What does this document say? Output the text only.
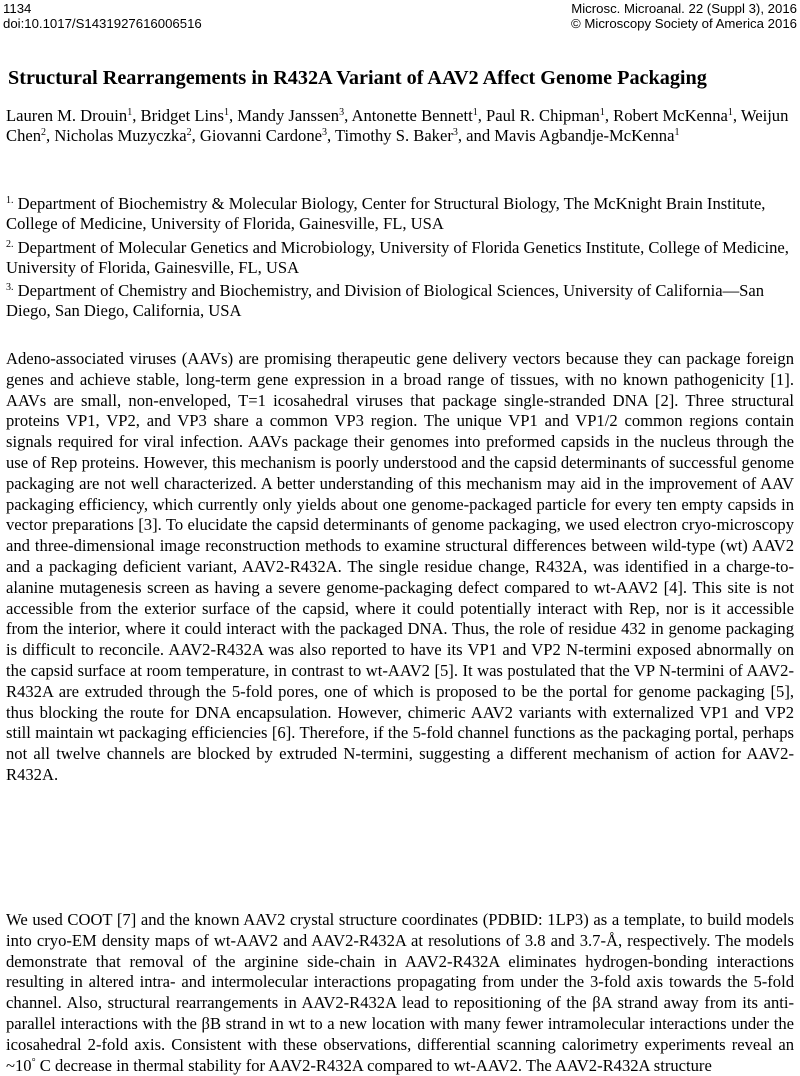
1134
doi:10.1017/S1431927616006516
Microsc. Microanal. 22 (Suppl 3), 2016
© Microscopy Society of America 2016
Structural Rearrangements in R432A Variant of AAV2 Affect Genome Packaging

Lauren M. Drouin$^1$, Bridget Lins$^1$, Mandy Janssen$^3$, Antonette Bennett$^1$, Paul R. Chipman$^1$, Robert McKenna$^1$, Weijun Chen$^2$, Nicholas Muzyczka$^2$, Giovanni Cardone$^3$, Timothy S. Baker$^3$, and Mavis Agbandje-McKenna$^1$

$^{1.}$ Department of Biochemistry & Molecular Biology, Center for Structural Biology, The McKnight Brain Institute, College of Medicine, University of Florida, Gainesville, FL, USA

$^{2.}$ Department of Molecular Genetics and Microbiology, University of Florida Genetics Institute, College of Medicine, University of Florida, Gainesville, FL, USA

$^{3.}$ Department of Chemistry and Biochemistry, and Division of Biological Sciences, University of California—San Diego, San Diego, California, USA

Adeno-associated viruses (AAVs) are promising therapeutic gene delivery vectors because they can package foreign genes and achieve stable, long-term gene expression in a broad range of tissues, with no known pathogenicity [1]. AAVs are small, non-enveloped, T=1 icosahedral viruses that package single-stranded DNA [2]. Three structural proteins VP1, VP2, and VP3 share a common VP3 region. The unique VP1 and VP1/2 common regions contain signals required for viral infection. AAVs package their genomes into preformed capsids in the nucleus through the use of Rep proteins. However, this mechanism is poorly understood and the capsid determinants of successful genome packaging are not well characterized. A better understanding of this mechanism may aid in the improvement of AAV packaging efficiency, which currently only yields about one genome-packaged particle for every ten empty capsids in vector preparations [3]. To elucidate the capsid determinants of genome packaging, we used electron cryo-microscopy and three-dimensional image reconstruction methods to examine structural differences between wild-type (wt) AAV2 and a packaging deficient variant, AAV2-R432A. The single residue change, R432A, was identified in a charge-to-alanine mutagenesis screen as having a severe genome-packaging defect compared to wt-AAV2 [4]. This site is not accessible from the exterior surface of the capsid, where it could potentially interact with Rep, nor is it accessible from the interior, where it could interact with the packaged DNA. Thus, the role of residue 432 in genome packaging is difficult to reconcile. AAV2-R432A was also reported to have its VP1 and VP2 N-termini exposed abnormally on the capsid surface at room temperature, in contrast to wt-AAV2 [5]. It was postulated that the VP N-termini of AAV2-R432A are extruded through the 5-fold pores, one of which is proposed to be the portal for genome packaging [5], thus blocking the route for DNA encapsulation. However, chimeric AAV2 variants with externalized VP1 and VP2 still maintain wt packaging efficiencies [6]. Therefore, if the 5-fold channel functions as the packaging portal, perhaps not all twelve channels are blocked by extruded N-termini, suggesting a different mechanism of action for AAV2-R432A.

We used COOT [7] and the known AAV2 crystal structure coordinates (PDBID: 1LP3) as a template, to build models into cryo-EM density maps of wt-AAV2 and AAV2-R432A at resolutions of 3.8 and 3.7-Å, respectively. The models demonstrate that removal of the arginine side-chain in AAV2-R432A eliminates hydrogen-bonding interactions resulting in altered intra- and intermolecular interactions propagating from under the 3-fold axis towards the 5-fold channel. Also, structural rearrangements in AAV2-R432A lead to repositioning of the βA strand away from its anti-parallel interactions with the βB strand in wt to a new location with many fewer intramolecular interactions under the icosahedral 2-fold axis. Consistent with these observations, differential scanning calorimetry experiments reveal an ~10° C decrease in thermal stability for AAV2-R432A compared to wt-AAV2. The AAV2-R432A structure
